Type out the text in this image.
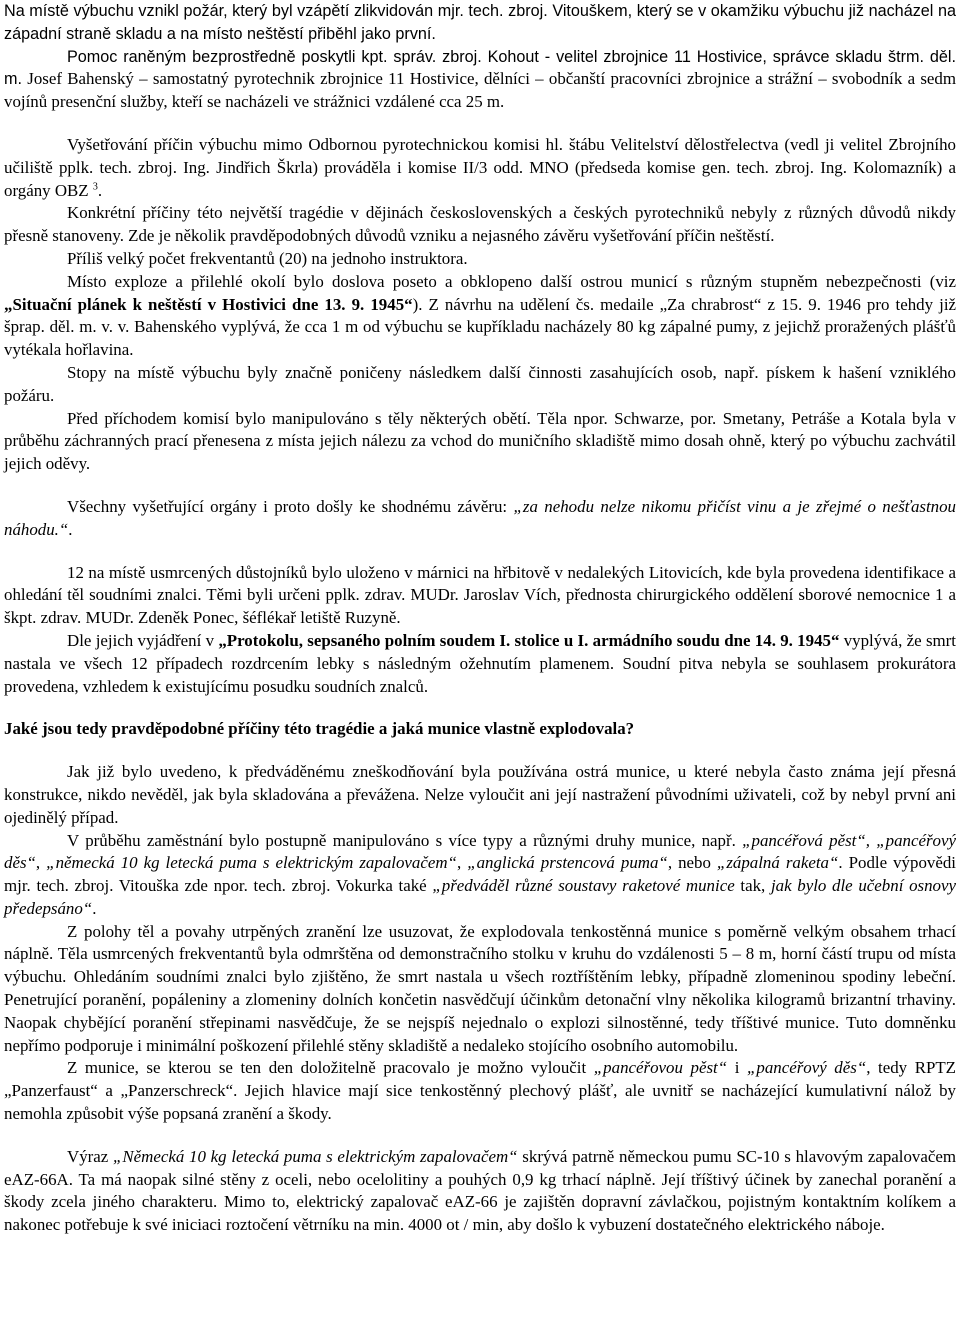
Na místě výbuchu vznikl požár, který byl vzápětí zlikvidován mjr. tech. zbroj. Vitouškem, který se v okamžiku výbuchu již nacházel na západní straně skladu a na místo neštěstí přiběhl jako první.

Pomoc raněným bezprostředně poskytli kpt. správ. zbroj. Kohout - velitel zbrojnice 11 Hostivice, správce skladu štrm. děl. m. Josef Bahenský – samostatný pyrotechnik zbrojnice 11 Hostivice, dělníci – občanští pracovníci zbrojnice a strážní – svobodník a sedm vojínů presenční služby, kteří se nacházeli ve strážnici vzdálené cca 25 m.

Vyšetřování příčin výbuchu mimo Odbornou pyrotechnickou komisi hl. štábu Velitelství dělostřelectva (vedl ji velitel Zbrojního učiliště pplk. tech. zbroj. Ing. Jindřich Škrla) prováděla i komise II/3 odd. MNO (předseda komise gen. tech. zbroj. Ing. Kolomazník) a orgány OBZ $^3$.

Konkrétní příčiny této největší tragédie v dějinách československých a českých pyrotechniků nebyly z různých důvodů nikdy přesně stanoveny. Zde je několik pravděpodobných důvodů vzniku a nejasného závěru vyšetřování příčin neštěstí.

Příliš velký počet frekventantů (20) na jednoho instruktora.

Místo exploze a přilehlé okolí bylo doslova poseto a obklopeno další ostrou municí s různým stupněm nebezpečnosti (viz „Situační plánek k neštěstí v Hostivici dne 13. 9. 1945“). Z návrhu na udělení čs. medaile „Za chrabrost“ z 15. 9. 1946 pro tehdy již šprap. děl. m. v. v. Bahenského vyplývá, že cca 1 m od výbuchu se kupříkladu nacházely 80 kg zápalné pumy, z jejichž proražených plášťů vytékala hořlavina.

Stopy na místě výbuchu byly značně poničeny následkem další činnosti zasahujících osob, např. pískem k hašení vzniklého požáru.

Před příchodem komisí bylo manipulováno s těly některých obětí. Těla npor. Schwarze, por. Smetany, Petráše a Kotala byla v průběhu záchranných prací přenesena z místa jejich nálezu za vchod do muničního skladiště mimo dosah ohně, který po výbuchu zachvátil jejich oděvy.

Všechny vyšetřující orgány i proto došly ke shodnému závěru: „za nehodu nelze nikomu přičíst vinu a je zřejmé o nešťastnou náhodu.“.

12 na místě usmrcených důstojníků bylo uloženo v márnici na hřbitově v nedalekých Litovicích, kde byla provedena identifikace a ohledání těl soudními znalci. Těmi byli určeni pplk. zdrav. MUDr. Jaroslav Vích, přednosta chirurgického oddělení sborové nemocnice 1 a škpt. zdrav. MUDr. Zdeněk Ponec, šéflékař letiště Ruzyně.

Dle jejich vyjádření v „Protokolu, sepsaného polním soudem I. stolice u I. armádního soudu dne 14. 9. 1945“ vyplývá, že smrt nastala ve všech 12 případech rozdrcením lebky s následným ožehnutím plamenem. Soudní pitva nebyla se souhlasem prokurátora provedena, vzhledem k existujícímu posudku soudních znalců.

Jaké jsou tedy pravděpodobné příčiny této tragédie a jaká munice vlastně explodovala?

Jak již bylo uvedeno, k předváděnému zneškodňování byla používána ostrá munice, u které nebyla často známa její přesná konstrukce, nikdo nevěděl, jak byla skladována a převážena. Nelze vyloučit ani její nastražení původními uživateli, což by nebyl první ani ojedinělý případ.

V průběhu zaměstnání bylo postupně manipulováno s více typy a různými druhy munice, např. „pancéřová pěst“, „pancéřový děs“, „německá 10 kg letecká puma s elektrickým zapalovačem“, „anglická prstencová puma“, nebo „zápalná raketa“. Podle výpovědi mjr. tech. zbroj. Vitouška zde npor. tech. zbroj. Vokurka také „předváděl různé soustavy raketové munice tak, jak bylo dle učební osnovy předepsáno“.

Z polohy těl a povahy utrpěných zranění lze usuzovat, že explodovala tenkostěnná munice s poměrně velkým obsahem trhací náplně. Těla usmrcených frekventantů byla odmrštěna od demonstračního stolku v kruhu do vzdálenosti 5 – 8 m, horní částí trupu od místa výbuchu. Ohledáním soudními znalci bylo zjištěno, že smrt nastala u všech roztříštěním lebky, případně zlomeninou spodiny lebeční. Penetrující poranění, popáleniny a zlomeniny dolních končetin nasvědčují účinkům detonační vlny několika kilogramů brizantní trhaviny. Naopak chybějící poranění střepinami nasvědčuje, že se nejspíš nejednalo o explozi silnostěnné, tedy tříštivé munice. Tuto domněnku nepřímo podporuje i minimální poškození přilehlé stěny skladiště a nedaleko stojícího osobního automobilu.

Z munice, se kterou se ten den doložitelně pracovalo je možno vyloučit „pancéřovou pěst“ i „pancéřový děs“, tedy RPTZ „Panzerfaust“ a „Panzerschreck“. Jejich hlavice mají sice tenkostěnný plechový plášť, ale uvnitř se nacházející kumulativní nálož by nemohla způsobit výše popsaná zranění a škody.

Výraz „Německá 10 kg letecká puma s elektrickým zapalovačem“ skrývá patrně německou pumu SC-10 s hlavovým zapalovačem eAZ-66A. Ta má naopak silné stěny z oceli, nebo ocelolitiny a pouhých 0,9 kg trhací náplně. Její tříštivý účinek by zanechal poranění a škody zcela jiného charakteru. Mimo to, elektrický zapalovač eAZ-66 je zajištěn dopravní závlačkou, pojistným kontaktním kolíkem a nakonec potřebuje k své iniciaci roztočení větrníku na min. 4000 ot / min, aby došlo k vybuzení dostatečného elektrického náboje.
